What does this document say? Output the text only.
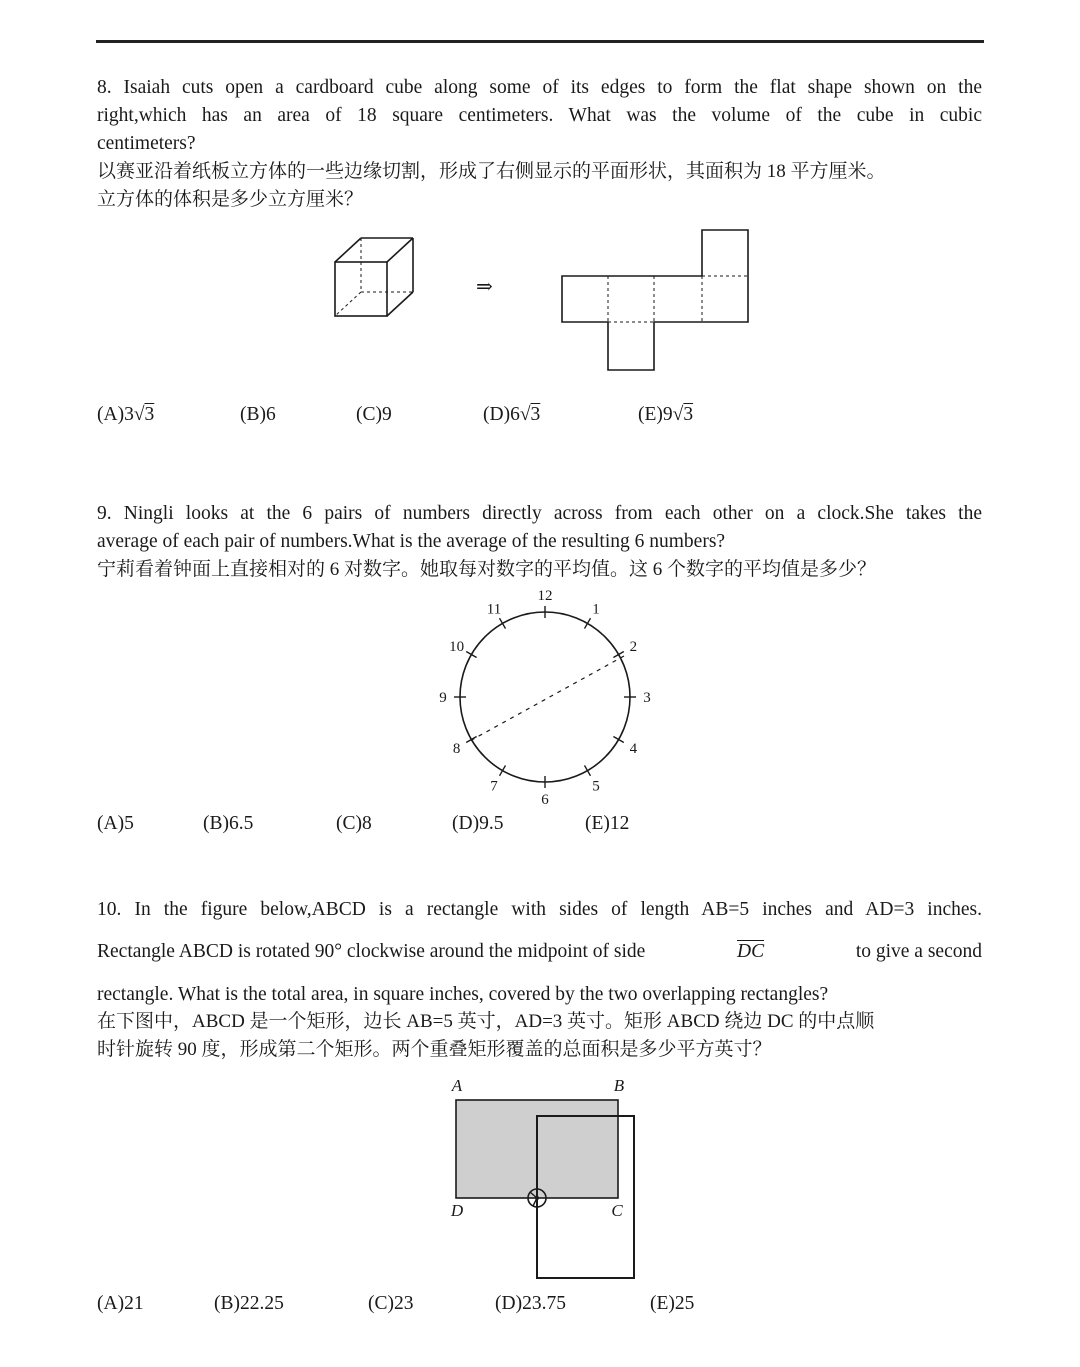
8. Isaiah cuts open a cardboard cube along some of its edges to form the flat shape shown on the

right,which has an area of 18 square centimeters. What was the volume of the cube in cubic

centimeters?

以赛亚沿着纸板立方体的一些边缘切割，形成了右侧显示的平面形状，其面积为 18 平方厘米。

立方体的体积是多少立方厘米？

⇒
(A)3√3	(B)6	(C)9	(D)6√3	(E)9√3

9. Ningli looks at the 6 pairs of numbers directly across from each other on a clock.She takes the

average of each pair of numbers.What is the average of the resulting 6 numbers?

宁莉看着钟面上直接相对的 6 对数字。她取每对数字的平均值。这 6 个数字的平均值是多少？

12
1
2
3
4
5
6
7
8
9
10
11
(A)5	(B)6.5	(C)8	(D)9.5	(E)12

10. In the figure below,ABCD is a rectangle with sides of length AB=5 inches and AD=3 inches.

Rectangle ABCD is rotated 90° clockwise around the midpoint of side	$\overline{DC}$	to give a second

rectangle. What is the total area, in square inches, covered by the two overlapping rectangles?

在下图中，ABCD 是一个矩形，边长 AB=5 英寸，AD=3 英寸。矩形 ABCD 绕边 DC 的中点顺

时针旋转 90 度，形成第二个矩形。两个重叠矩形覆盖的总面积是多少平方英寸？

A	B
C
D
(A)21	(B)22.25	(C)23	(D)23.75	(E)25
